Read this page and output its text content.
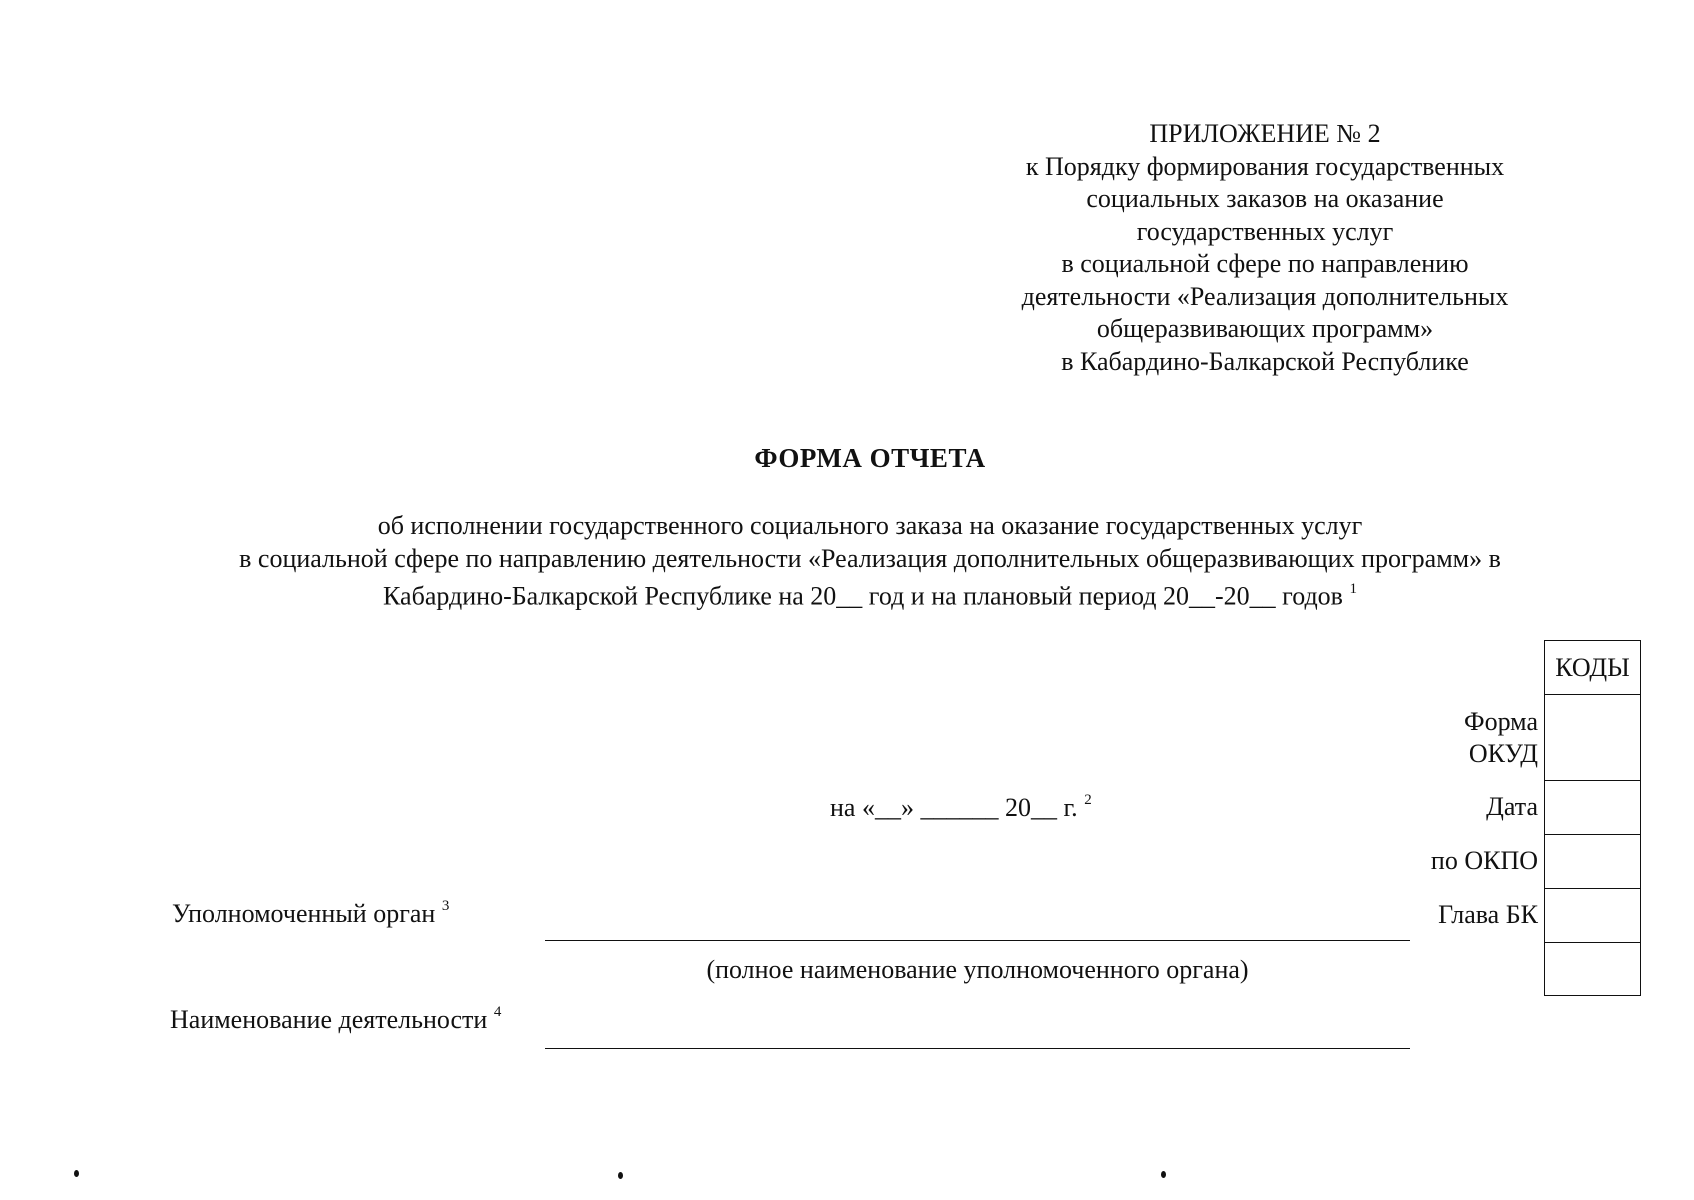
ПРИЛОЖЕНИЕ № 2
к Порядку формирования государственных
социальных заказов на оказание
государственных услуг
в социальной сфере по направлению
деятельности «Реализация дополнительных
общеразвивающих программ»
в Кабардино-Балкарской Республике
ФОРМА ОТЧЕТА
об исполнении государственного социального заказа на оказание государственных услуг
в социальной сфере по направлению деятельности «Реализация дополнительных общеразвивающих программ» в
Кабардино-Балкарской Республике на 20__ год и на плановый период 20__-20__ годов $^1$
на «__» ______ 20__ г. $^2$
КОДЫ
Форма
ОКУД
Дата
по ОКПО
Глава БК
Уполномоченный орган $^3$
(полное наименование уполномоченного органа)
Наименование деятельности $^4$
